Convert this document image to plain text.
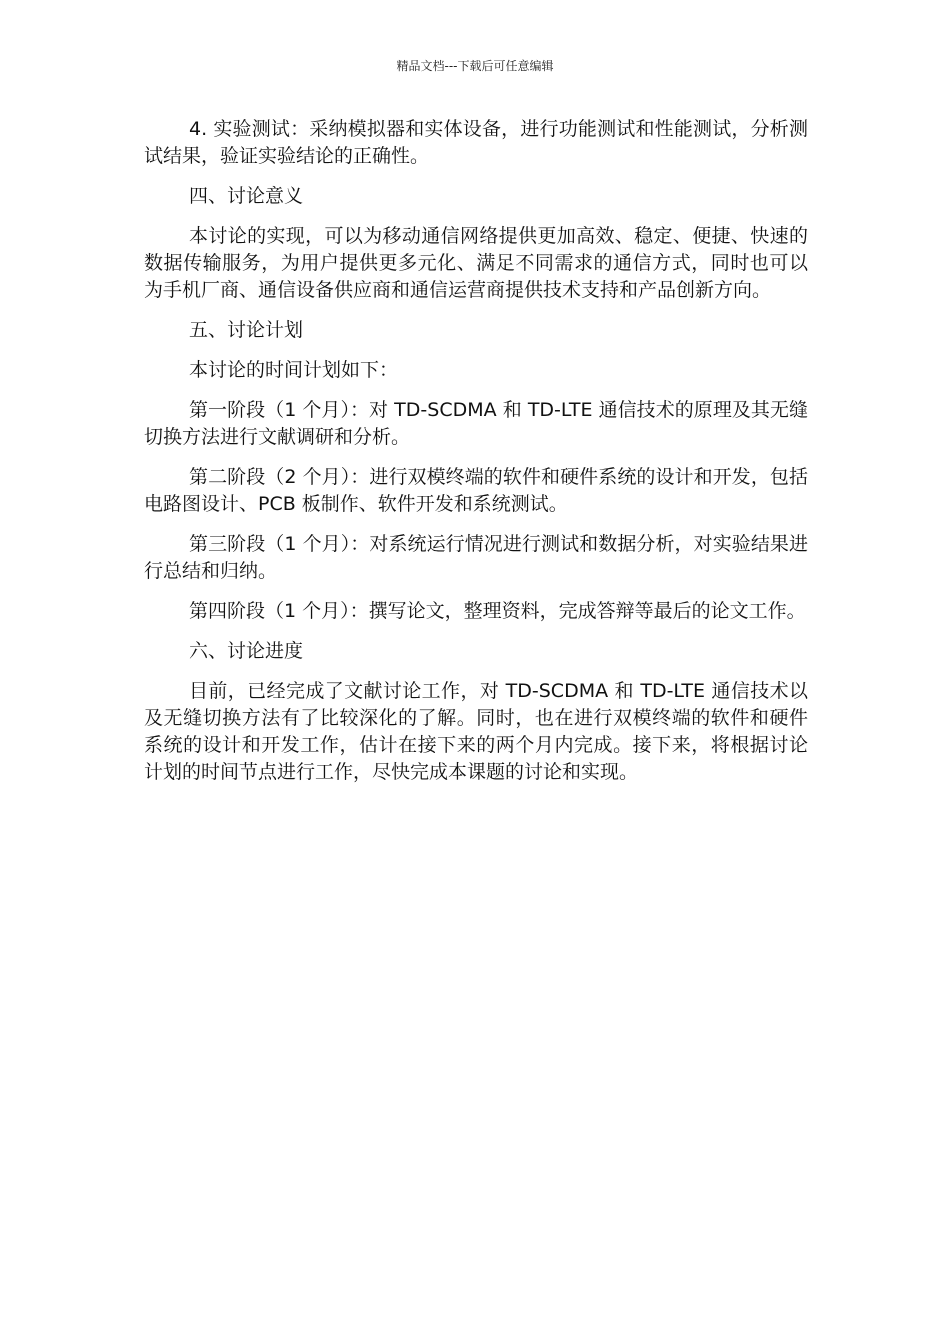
精品文档---下载后可任意编辑

4. 实验测试：采纳模拟器和实体设备，进行功能测试和性能测试，分析测试结果，验证实验结论的正确性。

四、讨论意义

本讨论的实现，可以为移动通信网络提供更加高效、稳定、便捷、快速的数据传输服务，为用户提供更多元化、满足不同需求的通信方式，同时也可以为手机厂商、通信设备供应商和通信运营商提供技术支持和产品创新方向。

五、讨论计划

本讨论的时间计划如下：

第一阶段（1 个月）：对 TD-SCDMA 和 TD-LTE 通信技术的原理及其无缝切换方法进行文献调研和分析。

第二阶段（2 个月）：进行双模终端的软件和硬件系统的设计和开发，包括电路图设计、PCB 板制作、软件开发和系统测试。

第三阶段（1 个月）：对系统运行情况进行测试和数据分析，对实验结果进行总结和归纳。

第四阶段（1 个月）：撰写论文，整理资料，完成答辩等最后的论文工作。

六、讨论进度

目前，已经完成了文献讨论工作，对 TD-SCDMA 和 TD-LTE 通信技术以及无缝切换方法有了比较深化的了解。同时，也在进行双模终端的软件和硬件系统的设计和开发工作，估计在接下来的两个月内完成。接下来，将根据讨论计划的时间节点进行工作，尽快完成本课题的讨论和实现。
